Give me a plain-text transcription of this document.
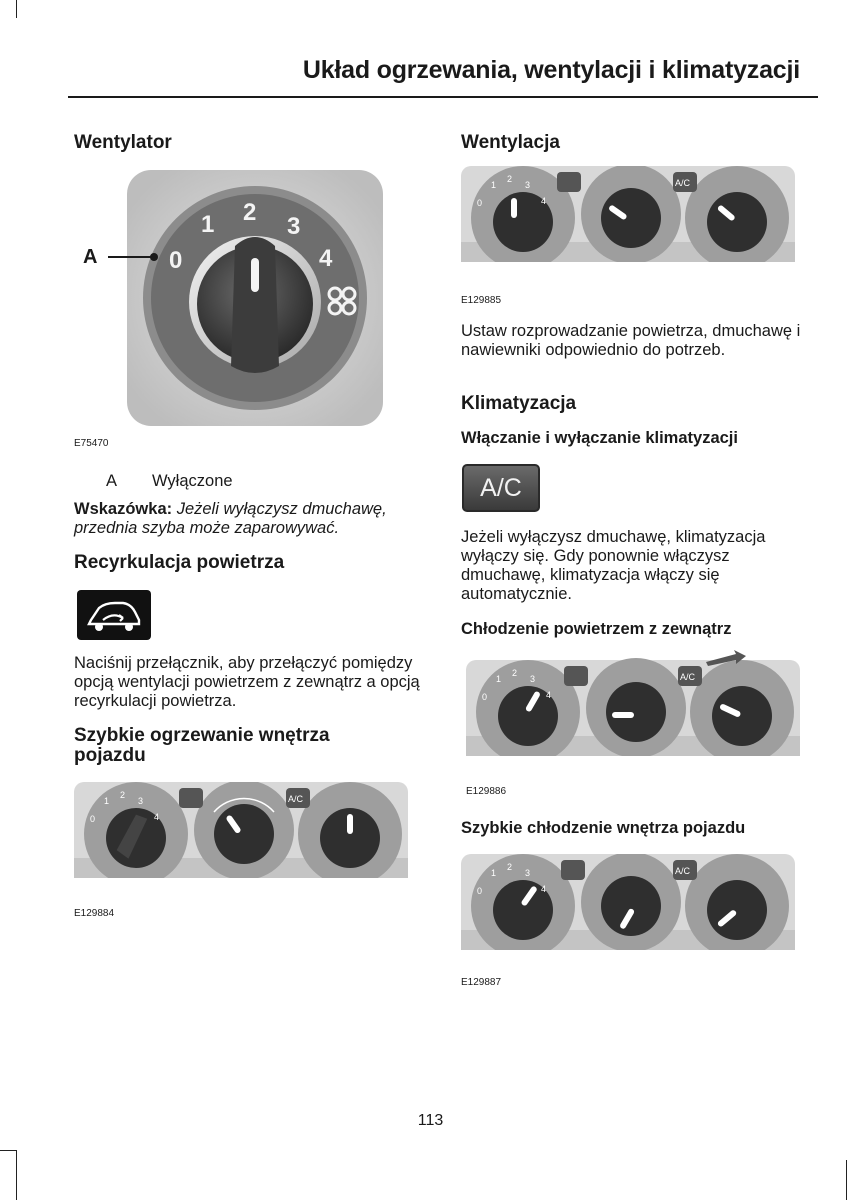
Układ ogrzewania, wentylacji i klimatyzacji
Wentylator
0
1 2
3
4
A
E75470
A Wyłączone
Wskazówka: Jeżeli wyłączysz dmuchawę, przednia szyba może zaparowywać.
Recyrkulacja powietrza
Naciśnij przełącznik, aby przełączyć pomiędzy opcją wentylacji powietrzem z zewnątrz a opcją recyrkulacji powietrza.
Szybkie ogrzewanie wnętrza
pojazdu
0
1
2
3
4
A/C
E129884
Wentylacja
0
1
2
3
4
A/C
E129885
Ustaw rozprowadzanie powietrza, dmuchawę i nawiewniki odpowiednio do potrzeb.
Klimatyzacja
Włączanie i wyłączanie klimatyzacji
A/C
Jeżeli wyłączysz dmuchawę, klimatyzacja wyłączy się. Gdy ponownie włączysz dmuchawę, klimatyzacja włączy się automatycznie.
Chłodzenie powietrzem z zewnątrz
0
1
2
3
4
A/C
E129886
Szybkie chłodzenie wnętrza pojazdu
0
1
2
3
4
A/C
E129887
113
